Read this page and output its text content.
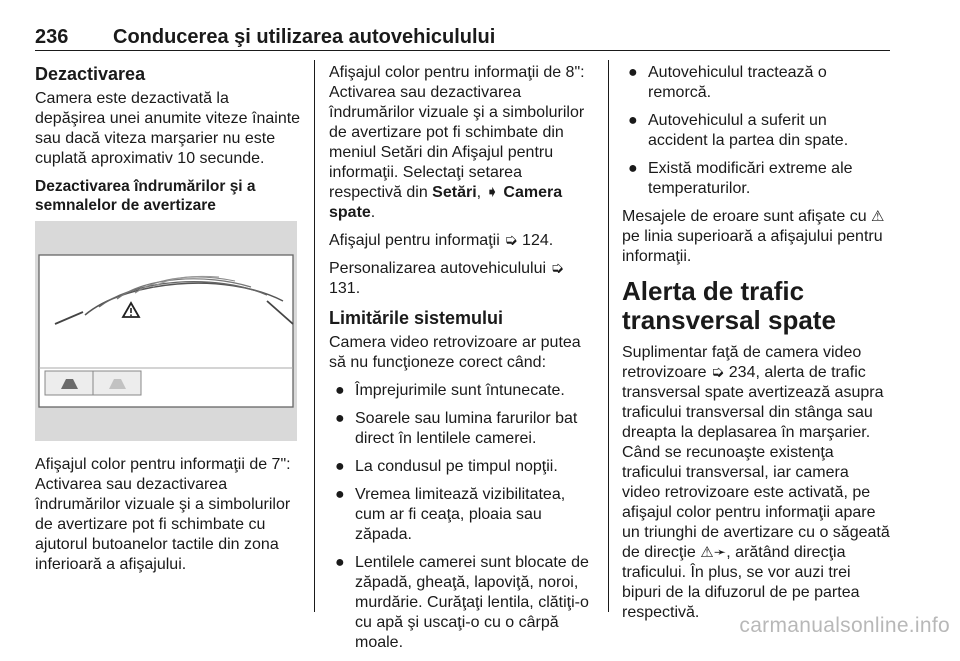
236 Conducerea şi utilizarea autovehiculului
Dezactivarea

Camera este dezactivată la depăşirea unei anumite viteze înainte sau dacă viteza marşarier nu este cuplată aproximativ 10 secunde.

Dezactivarea îndrumărilor şi a semnalelor de avertizare

Afişajul color pentru informaţii de 7": Activarea sau dezactivarea îndrumărilor vizuale şi a simbolurilor de avertizare pot fi schimbate cu ajutorul butoanelor tactile din zona inferioară a afişajului.

Afişajul color pentru informaţii de 8": Activarea sau dezactivarea îndrumărilor vizuale şi a simbolurilor de avertizare pot fi schimbate din meniul Setări din Afişajul pentru informaţii. Selectaţi setarea respectivă din Setări, ➧ Camera spate.

Afişajul pentru informaţii ➭ 124.

Personalizarea autovehiculului ➭ 131.

Limitările sistemului

Camera video retrovizoare ar putea să nu funcţioneze corect când:

● Împrejurimile sunt întunecate.
● Soarele sau lumina farurilor bat direct în lentilele camerei.
● La condusul pe timpul nopţii.
● Vremea limitează vizibilitatea, cum ar fi ceaţa, ploaia sau zăpada.
● Lentilele camerei sunt blocate de zăpadă, gheaţă, lapoviţă, noroi, murdărie. Curăţaţi lentila, clătiţi-o cu apă şi uscaţi-o cu o cârpă moale.
● Autovehiculul tractează o remorcă.
● Autovehiculul a suferit un accident la partea din spate.
● Există modificări extreme ale temperaturilor.

Mesajele de eroare sunt afişate cu ⚠ pe linia superioară a afişajului pentru informaţii.

Alerta de trafic transversal spate

Suplimentar faţă de camera video retrovizoare ➭ 234, alerta de trafic transversal spate avertizează asupra traficului transversal din stânga sau dreapta la deplasarea în marşarier. Când se recunoaşte existenţa traficului transversal, iar camera video retrovizoare este activată, pe afişajul color pentru informaţii apare un triunghi de avertizare cu o săgeată de direcţie ⚠➛, arătând direcţia traficului. În plus, se vor auzi trei bipuri de la difuzorul de pe partea respectivă.

carmanualsonline.info
